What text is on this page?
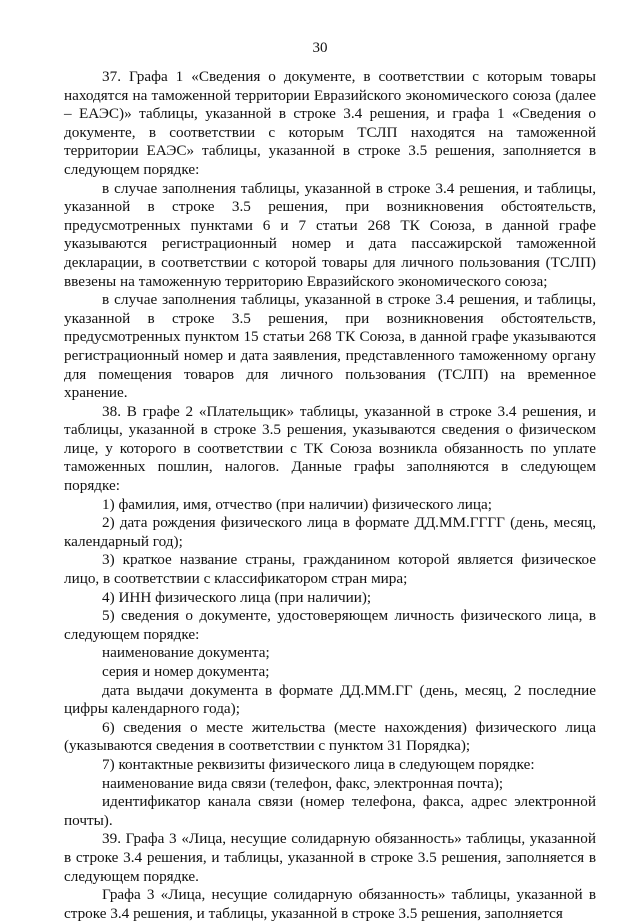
30

37. Графа 1 «Сведения о документе, в соответствии с которым товары находятся на таможенной территории Евразийского экономического союза (далее – ЕАЭС)» таблицы, указанной в строке 3.4 решения, и графа 1 «Сведения о документе, в соответствии с которым ТСЛП находятся на таможенной территории ЕАЭС» таблицы, указанной в строке 3.5 решения, заполняется в следующем порядке:

в случае заполнения таблицы, указанной в строке 3.4 решения, и таблицы, указанной в строке 3.5 решения, при возникновения обстоятельств, предусмотренных пунктами 6 и 7 статьи 268 ТК Союза, в данной графе указываются регистрационный номер и дата пассажирской таможенной декларации, в соответствии с которой товары для личного пользования (ТСЛП) ввезены на таможенную территорию Евразийского экономического союза;

в случае заполнения таблицы, указанной в строке 3.4 решения, и таблицы, указанной в строке 3.5 решения, при возникновения обстоятельств, предусмотренных пунктом 15 статьи 268 ТК Союза, в данной графе указываются регистрационный номер и дата заявления, представленного таможенному органу для помещения товаров для личного пользования (ТСЛП) на временное хранение.

38. В графе 2 «Плательщик» таблицы, указанной в строке 3.4 решения, и таблицы, указанной в строке 3.5 решения, указываются сведения о физическом лице, у которого в соответствии с ТК Союза возникла обязанность по уплате таможенных пошлин, налогов. Данные графы заполняются в следующем порядке:

1) фамилия, имя, отчество (при наличии) физического лица;

2) дата рождения физического лица в формате ДД.ММ.ГГГГ (день, месяц, календарный год);

3) краткое название страны, гражданином которой является физическое лицо, в соответствии с классификатором стран мира;

4) ИНН физического лица (при наличии);

5) сведения о документе, удостоверяющем личность физического лица, в следующем порядке:

наименование документа;

серия и номер документа;

дата выдачи документа в формате ДД.ММ.ГГ (день, месяц, 2 последние цифры календарного года);

6) сведения о месте жительства (месте нахождения) физического лица (указываются сведения в соответствии с пунктом 31 Порядка);

7) контактные реквизиты физического лица в следующем порядке:

наименование вида связи (телефон, факс, электронная почта);

идентификатор канала связи (номер телефона, факса, адрес электронной почты).

39. Графа 3 «Лица, несущие солидарную обязанность» таблицы, указанной в строке 3.4 решения, и таблицы, указанной в строке 3.5 решения, заполняется в следующем порядке.

Графа 3 «Лица, несущие солидарную обязанность» таблицы, указанной в строке 3.4 решения, и таблицы, указанной в строке 3.5 решения, заполняется
